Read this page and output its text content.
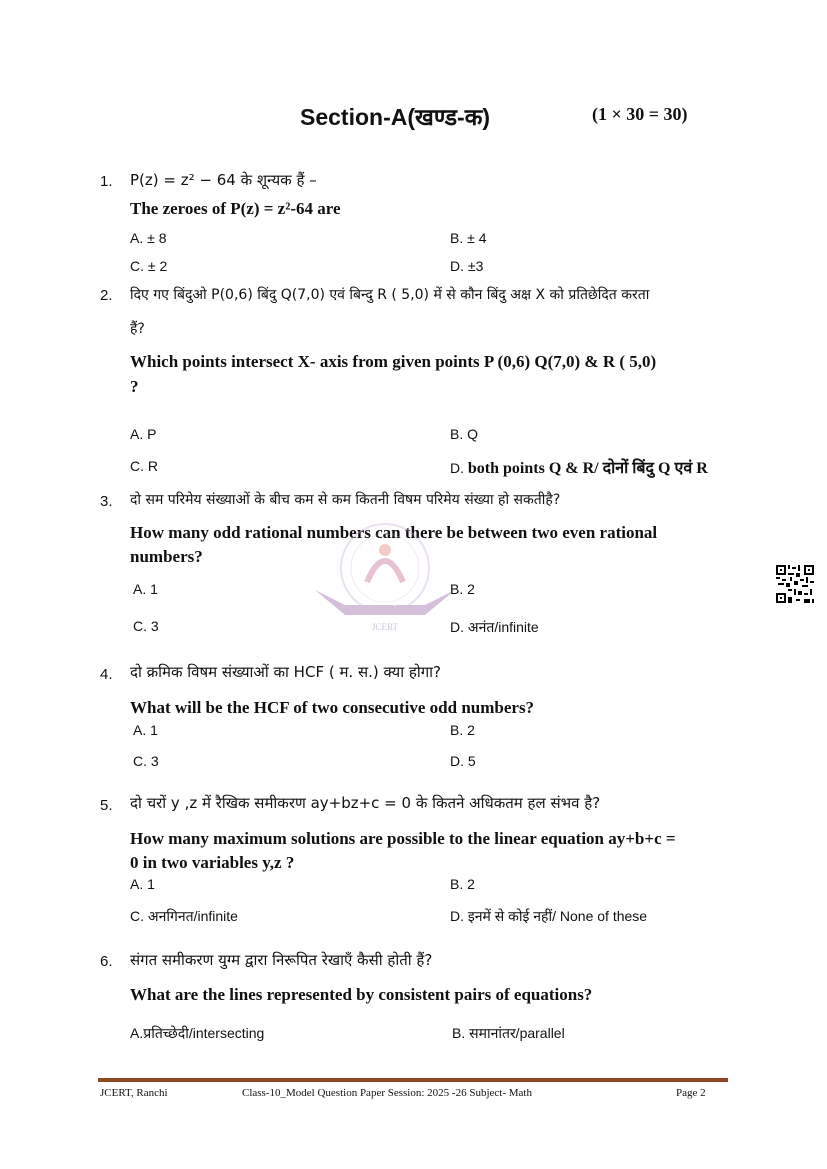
Section-A(खण्ड-क)	(1 × 30 = 30)
1. P(z) = z² − 64 के शून्यक हैं –
The zeroes of P(z) = z²-64 are
A. ± 8	B. ± 4
C. ± 2	D. ±3
2. दिए गए बिंदुओ P(0,6) बिंदु Q(7,0) एवं बिन्दु R ( 5,0) में से कौन बिंदु अक्ष X को प्रतिछेदित करता
हैं?
Which points intersect X- axis from given points P (0,6) Q(7,0) & R ( 5,0)
?
A. P	B. Q
C. R	D. both points Q & R/ दोनों बिंदु Q एवं R
3. दो सम परिमेय संख्याओं के बीच कम से कम कितनी विषम परिमेय संख्या हो सकतीहै?
How many odd rational numbers can there be between two even rational
numbers?
A. 1	B. 2
C. 3	D. अनंत/infinite
4. दो क्रमिक विषम संख्याओं का HCF ( म. स.) क्या होगा?
What will be the HCF of two consecutive odd numbers?
A. 1	B. 2
C. 3	D. 5
5. दो चरों y ,z में रैखिक समीकरण ay+bz+c = 0 के कितने अधिकतम हल संभव है?
How many maximum solutions are possible to the linear equation ay+b+c =
0 in two variables y,z ?
A. 1	B. 2
C. अनगिनत/infinite	D. इनमें से कोई नहीं/ None of these
6. संगत समीकरण युग्म द्वारा निरूपित रेखाएँ कैसी होती हैं?
What are the lines represented by consistent pairs of equations?
A.प्रतिच्छेदी/intersecting	B. समानांतर/parallel
नवाचार शोध गुणवत्ता
JCERT
JCERT, Ranchi	Class-10_Model Question Paper Session: 2025 -26 Subject- Math	Page 2
